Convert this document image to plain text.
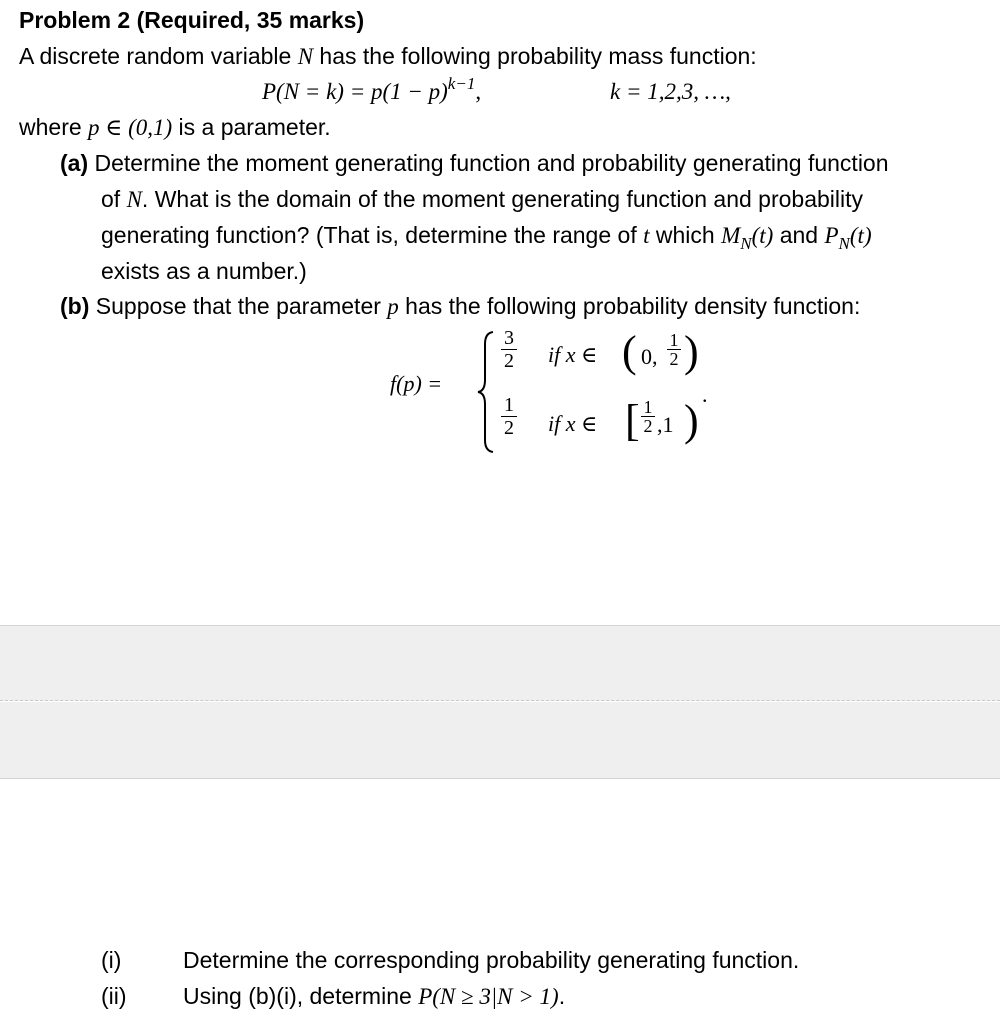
Problem 2 (Required, 35 marks)
A discrete random variable N has the following probability mass function:
$P(N = k) = p(1 - p)^{k-1}$,	k = 1,2,3, …,
where p ∈ (0,1) is a parameter.
(a) Determine the moment generating function and probability generating function
of N. What is the domain of the moment generating function and probability
generating function? (That is, determine the range of t which $M_N(t)$ and $P_N(t)$
exists as a number.)
(b) Suppose that the parameter p has the following probability density function:
f(p) =
3
2 if x ∈ ( 0,
1
2 )
1
2 if x ∈ [ 1
2 ,1 )
.
(i)	Determine the corresponding probability generating function.
(ii) Using (b)(i), determine P(N ≥ 3|N > 1).
